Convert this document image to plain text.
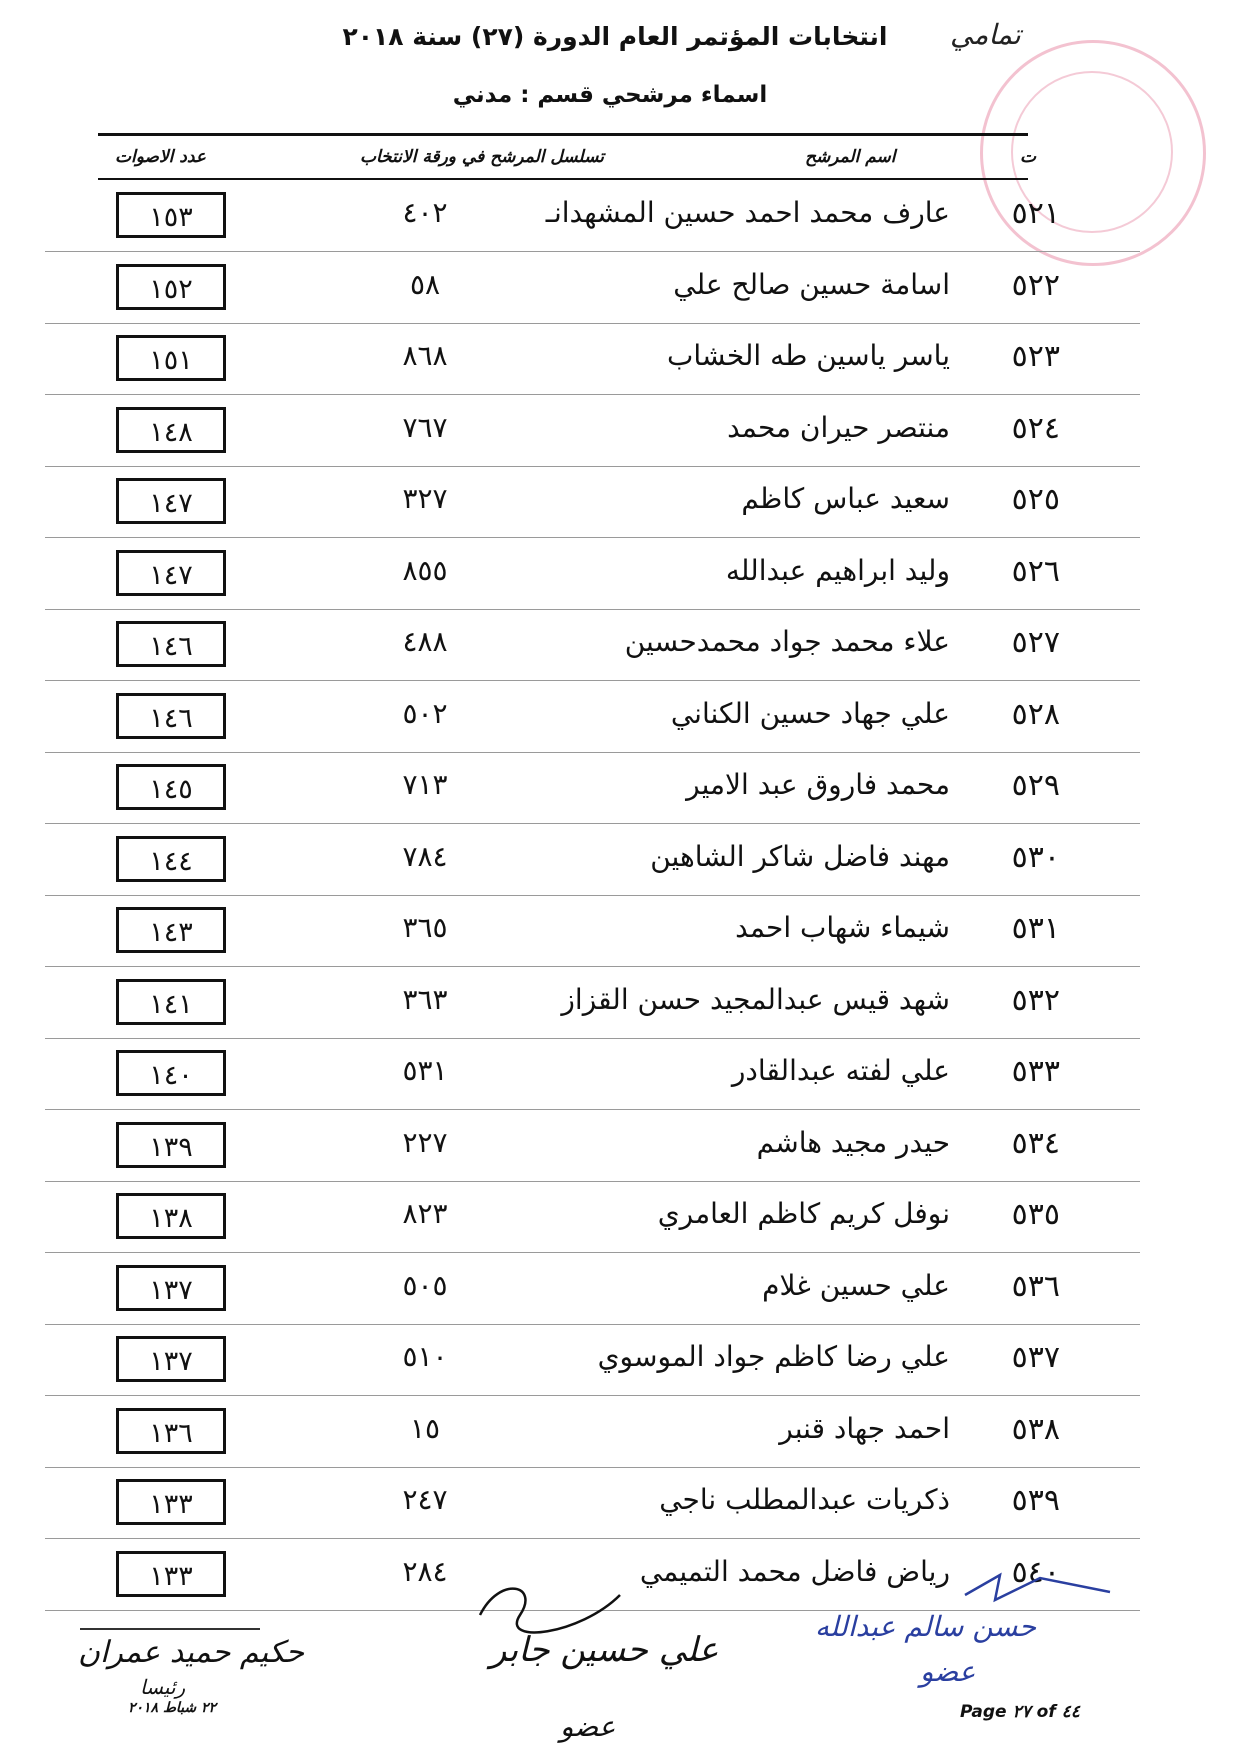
تمامي
انتخابات المؤتمر العام الدورة (٢٧) سنة ٢٠١٨
اسماء مرشحي قسم : مدني
ت
اسم المرشح
تسلسل المرشح في ورقة الانتخاب
عدد الاصوات
٥٢١
عارف محمد احمد حسين المشهدانـ
٤٠٢
١٥٣
٥٢٢
اسامة حسين صالح علي
٥٨
١٥٢
٥٢٣
ياسر ياسين طه الخشاب
٨٦٨
١٥١
٥٢٤
منتصر حيران محمد
٧٦٧
١٤٨
٥٢٥
سعيد عباس كاظم
٣٢٧
١٤٧
٥٢٦
وليد ابراهيم عبدالله
٨٥٥
١٤٧
٥٢٧
علاء محمد جواد محمدحسين
٤٨٨
١٤٦
٥٢٨
علي جهاد حسين الكناني
٥٠٢
١٤٦
٥٢٩
محمد فاروق عبد الامير
٧١٣
١٤٥
٥٣٠
مهند فاضل شاكر الشاهين
٧٨٤
١٤٤
٥٣١
شيماء شهاب احمد
٣٦٥
١٤٣
٥٣٢
شهد قيس عبدالمجيد حسن القزاز
٣٦٣
١٤١
٥٣٣
علي لفته عبدالقادر
٥٣١
١٤٠
٥٣٤
حيدر مجيد هاشم
٢٢٧
١٣٩
٥٣٥
نوفل كريم كاظم العامري
٨٢٣
١٣٨
٥٣٦
علي حسين غلام
٥٠٥
١٣٧
٥٣٧
علي رضا كاظم جواد الموسوي
٥١٠
١٣٧
٥٣٨
احمد جهاد قنبر
١٥
١٣٦
٥٣٩
ذكريات عبدالمطلب ناجي
٢٤٧
١٣٣
٥٤٠
رياض فاضل محمد التميمي
٢٨٤
١٣٣
حكيم حميد عمران
رئيسا
علي حسين جابر
حسن سالم عبدالله
عضو
عضو
٢٢ شباط ٢٠١٨	Page ٢٧ of ٤٤
